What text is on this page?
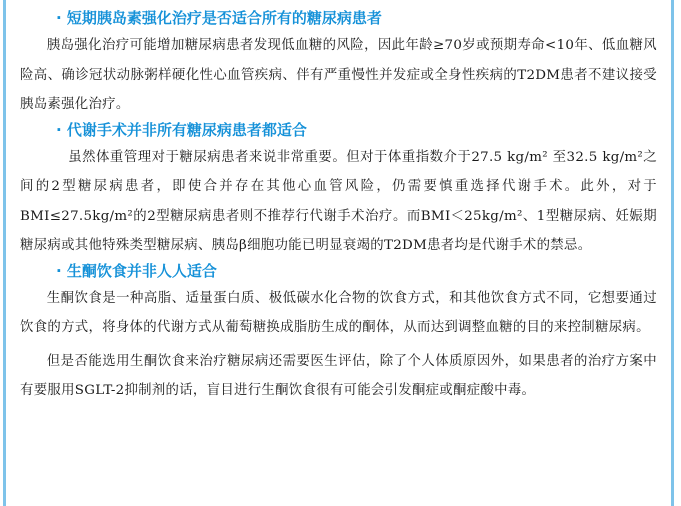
· 短期胰岛素强化治疗是否适合所有的糖尿病患者

胰岛强化治疗可能增加糖尿病患者发现低血糖的风险，因此年龄≥70岁或预期寿命<10年、低血糖风险高、确诊冠状动脉粥样硬化性心血管疾病、伴有严重慢性并发症或全身性疾病的T2DM患者不建议接受胰岛素强化治疗。

· 代谢手术并非所有糖尿病患者都适合

虽然体重管理对于糖尿病患者来说非常重要。但对于体重指数介于27.5 kg/m² 至32.5 kg/m²之间的2型糖尿病患者，即使合并存在其他心血管风险，仍需要慎重选择代谢手术。此外，对于BMI≤27.5kg/m²的2型糖尿病患者则不推荐行代谢手术治疗。而BMI＜25kg/m²、1型糖尿病、妊娠期糖尿病或其他特殊类型糖尿病、胰岛β细胞功能已明显衰竭的T2DM患者均是代谢手术的禁忌。

· 生酮饮食并非人人适合

生酮饮食是一种高脂、适量蛋白质、极低碳水化合物的饮食方式，和其他饮食方式不同，它想要通过饮食的方式，将身体的代谢方式从葡萄糖换成脂肪生成的酮体，从而达到调整血糖的目的来控制糖尿病。

但是否能选用生酮饮食来治疗糖尿病还需要医生评估，除了个人体质原因外，如果患者的治疗方案中有要服用SGLT-2抑制剂的话，盲目进行生酮饮食很有可能会引发酮症或酮症酸中毒。
